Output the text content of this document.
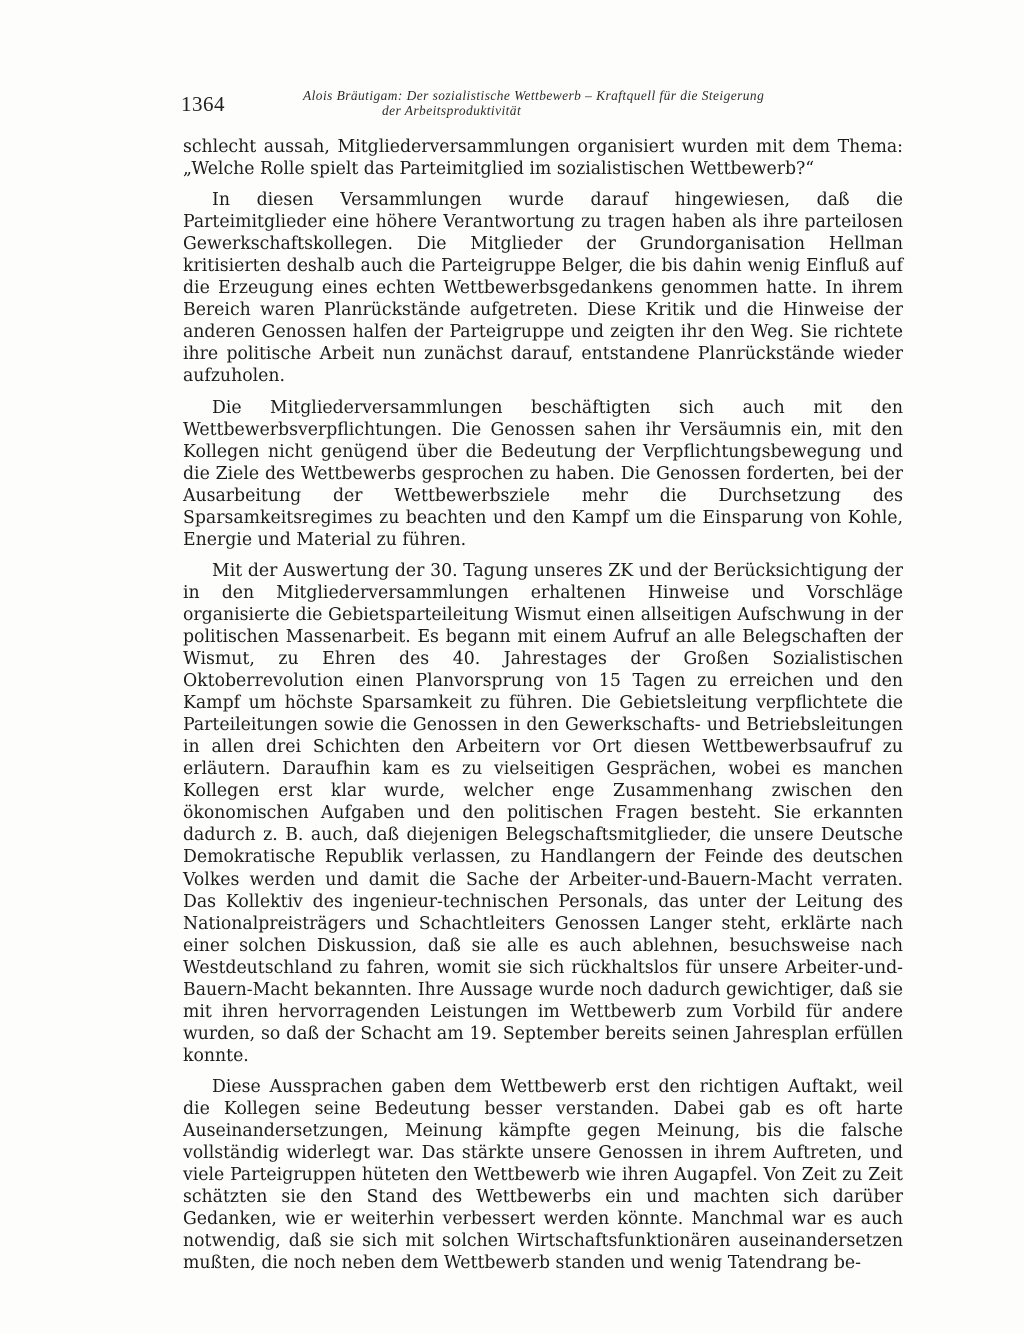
1364	Alois Bräutigam: Der sozialistische Wettbewerb – Kraftquell für die Steigerung
der Arbeitsproduktivität

schlecht aussah, Mitgliederversammlungen organisiert wurden mit dem Thema: „Welche Rolle spielt das Parteimitglied im sozialistischen Wettbewerb?“

In diesen Versammlungen wurde darauf hingewiesen, daß die Parteimitglieder eine höhere Verantwortung zu tragen haben als ihre parteilosen Gewerkschaftskollegen. Die Mitglieder der Grundorganisation Hellman kritisierten deshalb auch die Parteigruppe Belger, die bis dahin wenig Einfluß auf die Erzeugung eines echten Wettbewerbsgedankens genommen hatte. In ihrem Bereich waren Planrückstände aufgetreten. Diese Kritik und die Hinweise der anderen Genossen halfen der Parteigruppe und zeigten ihr den Weg. Sie richtete ihre politische Arbeit nun zunächst darauf, entstandene Planrückstände wieder aufzuholen.

Die Mitgliederversammlungen beschäftigten sich auch mit den Wettbewerbsverpflichtungen. Die Genossen sahen ihr Versäumnis ein, mit den Kollegen nicht genügend über die Bedeutung der Verpflichtungsbewegung und die Ziele des Wettbewerbs gesprochen zu haben. Die Genossen forderten, bei der Ausarbeitung der Wettbewerbsziele mehr die Durchsetzung des Sparsamkeitsregimes zu beachten und den Kampf um die Einsparung von Kohle, Energie und Material zu führen.

Mit der Auswertung der 30. Tagung unseres ZK und der Berücksichtigung der in den Mitgliederversammlungen erhaltenen Hinweise und Vorschläge organisierte die Gebietsparteileitung Wismut einen allseitigen Aufschwung in der politischen Massenarbeit. Es begann mit einem Aufruf an alle Belegschaften der Wismut, zu Ehren des 40. Jahrestages der Großen Sozialistischen Oktoberrevolution einen Planvorsprung von 15 Tagen zu erreichen und den Kampf um höchste Sparsamkeit zu führen. Die Gebietsleitung verpflichtete die Parteileitungen sowie die Genossen in den Gewerkschafts- und Betriebsleitungen in allen drei Schichten den Arbeitern vor Ort diesen Wettbewerbsaufruf zu erläutern. Daraufhin kam es zu vielseitigen Gesprächen, wobei es manchen Kollegen erst klar wurde, welcher enge Zusammenhang zwischen den ökonomischen Aufgaben und den politischen Fragen besteht. Sie erkannten dadurch z. B. auch, daß diejenigen Belegschaftsmitglieder, die unsere Deutsche Demokratische Republik verlassen, zu Handlangern der Feinde des deutschen Volkes werden und damit die Sache der Arbeiter-und-Bauern-Macht verraten. Das Kollektiv des ingenieur-technischen Personals, das unter der Leitung des Nationalpreisträgers und Schachtleiters Genossen Langer steht, erklärte nach einer solchen Diskussion, daß sie alle es auch ablehnen, besuchsweise nach Westdeutschland zu fahren, womit sie sich rückhaltslos für unsere Arbeiter-und-Bauern-Macht bekannten. Ihre Aussage wurde noch dadurch gewichtiger, daß sie mit ihren hervorragenden Leistungen im Wettbewerb zum Vorbild für andere wurden, so daß der Schacht am 19. September bereits seinen Jahresplan erfüllen konnte.

Diese Aussprachen gaben dem Wettbewerb erst den richtigen Auftakt, weil die Kollegen seine Bedeutung besser verstanden. Dabei gab es oft harte Auseinandersetzungen, Meinung kämpfte gegen Meinung, bis die falsche vollständig widerlegt war. Das stärkte unsere Genossen in ihrem Auftreten, und viele Parteigruppen hüteten den Wettbewerb wie ihren Augapfel. Von Zeit zu Zeit schätzten sie den Stand des Wettbewerbs ein und machten sich darüber Gedanken, wie er weiterhin verbessert werden könnte. Manchmal war es auch notwendig, daß sie sich mit solchen Wirtschaftsfunktionären auseinandersetzen mußten, die noch neben dem Wettbewerb standen und wenig Tatendrang be-
